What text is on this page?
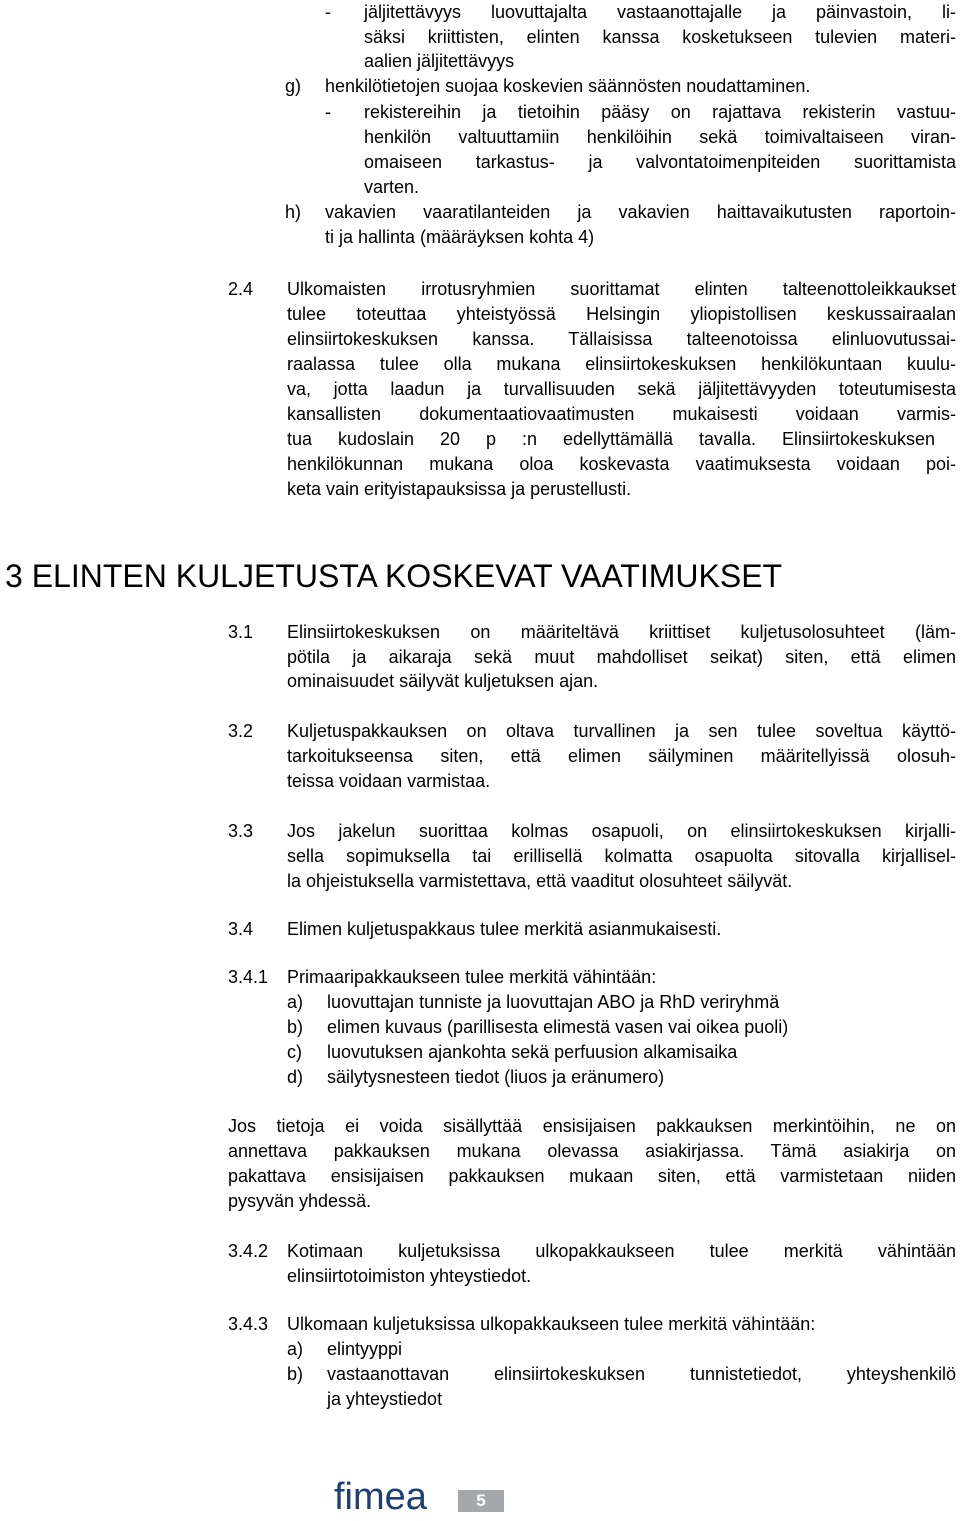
- jäljitettävyys luovuttajalta vastaanottajalle ja päinvastoin, li-
säksi kriittisten, elinten kanssa kosketukseen tulevien materi-
aalien jäljitettävyys
g) henkilötietojen suojaa koskevien säännösten noudattaminen.
- rekistereihin ja tietoihin pääsy on rajattava rekisterin vastuu-
henkilön valtuuttamiin henkilöihin sekä toimivaltaiseen viran-
omaiseen tarkastus- ja valvontatoimenpiteiden suorittamista
varten.
h) vakavien vaaratilanteiden ja vakavien haittavaikutusten raportoin-
ti ja hallinta (määräyksen kohta 4)
2.4 Ulkomaisten irrotusryhmien suorittamat elinten talteenottoleikkaukset
tulee toteuttaa yhteistyössä Helsingin yliopistollisen keskussairaalan
elinsiirtokeskuksen kanssa. Tällaisissa talteenotoissa elinluovutussai-
raalassa tulee olla mukana elinsiirtokeskuksen henkilökuntaan kuulu-
va, jotta laadun ja turvallisuuden sekä jäljitettävyyden toteutumisesta
kansallisten dokumentaatiovaatimusten mukaisesti voidaan varmis-
tua kudoslain 20 p :n edellyttämällä tavalla. Elinsiirtokeskuksen
henkilökunnan mukana oloa koskevasta vaatimuksesta voidaan poi-
keta vain erityistapauksissa ja perustellusti.
3.1 Elinsiirtokeskuksen on määriteltävä kriittiset kuljetusolosuhteet (läm-
pötila ja aikaraja sekä muut mahdolliset seikat) siten, että elimen
ominaisuudet säilyvät kuljetuksen ajan.
3.2 Kuljetuspakkauksen on oltava turvallinen ja sen tulee soveltua käyttö-
tarkoitukseensa siten, että elimen säilyminen määritellyissä olosuh-
teissa voidaan varmistaa.
3.3 Jos jakelun suorittaa kolmas osapuoli, on elinsiirtokeskuksen kirjalli-
sella sopimuksella tai erillisellä kolmatta osapuolta sitovalla kirjallisel-
la ohjeistuksella varmistettava, että vaaditut olosuhteet säilyvät.
3.4 Elimen kuljetuspakkaus tulee merkitä asianmukaisesti.
3.4.1 Primaaripakkaukseen tulee merkitä vähintään:
a) luovuttajan tunniste ja luovuttajan ABO ja RhD veriryhmä
b) elimen kuvaus (parillisesta elimestä vasen vai oikea puoli)
c) luovutuksen ajankohta sekä perfuusion alkamisaika
d) säilytysnesteen tiedot (liuos ja eränumero)
Jos tietoja ei voida sisällyttää ensisijaisen pakkauksen merkintöihin, ne on
annettava pakkauksen mukana olevassa asiakirjassa. Tämä asiakirja on
pakattava ensisijaisen pakkauksen mukaan siten, että varmistetaan niiden
pysyvän yhdessä.
3.4.2 Kotimaan kuljetuksissa ulkopakkaukseen tulee merkitä vähintään
elinsiirtotoimiston yhteystiedot.
3.4.3 Ulkomaan kuljetuksissa ulkopakkaukseen tulee merkitä vähintään:
a) elintyyppi
b) vastaanottavan elinsiirtokeskuksen tunnistetiedot, yhteyshenkilö
ja yhteystiedot
3 ELINTEN KULJETUSTA KOSKEVAT VAATIMUKSET
fimea	5
